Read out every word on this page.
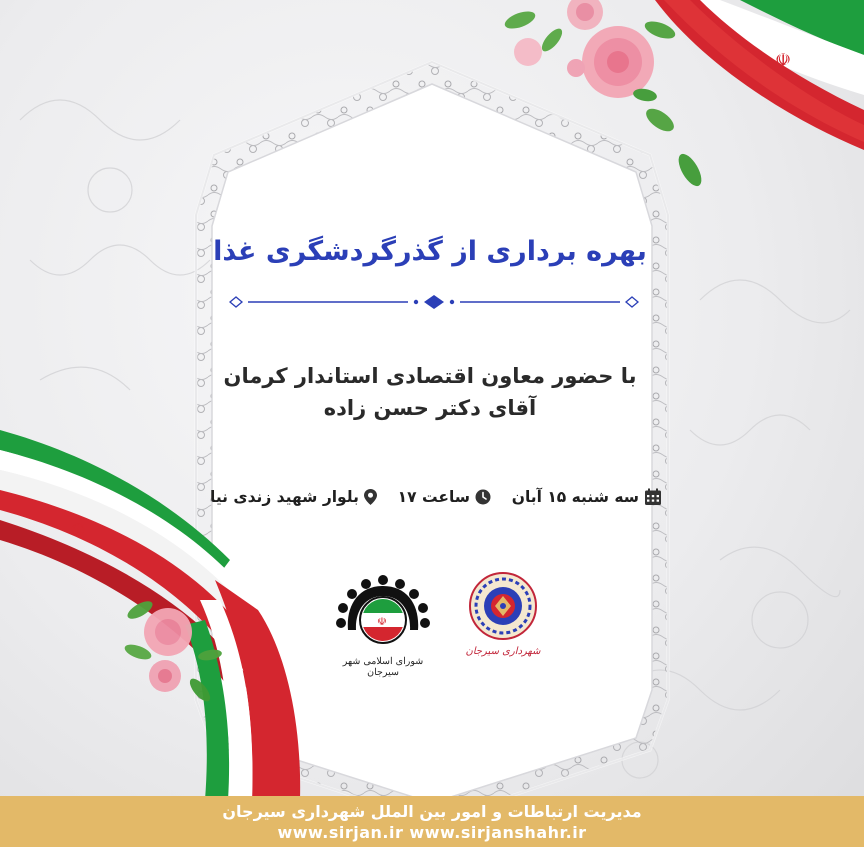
☫
☫
بهره برداری از گذرگردشگری غذا
با حضور معاون اقتصادی استاندار کرمان
آقای دکتر حسن زاده
بلوار شهید زندی نیا ساعت ۱۷	سه شنبه ۱۵ آبان
☫
شورای اسلامی شهر سیرجان
شهرداری سیرجان
مدیریت ارتباطات و امور بین الملل شهرداری سیرجان
www.sirjan.ir www.sirjanshahr.ir
